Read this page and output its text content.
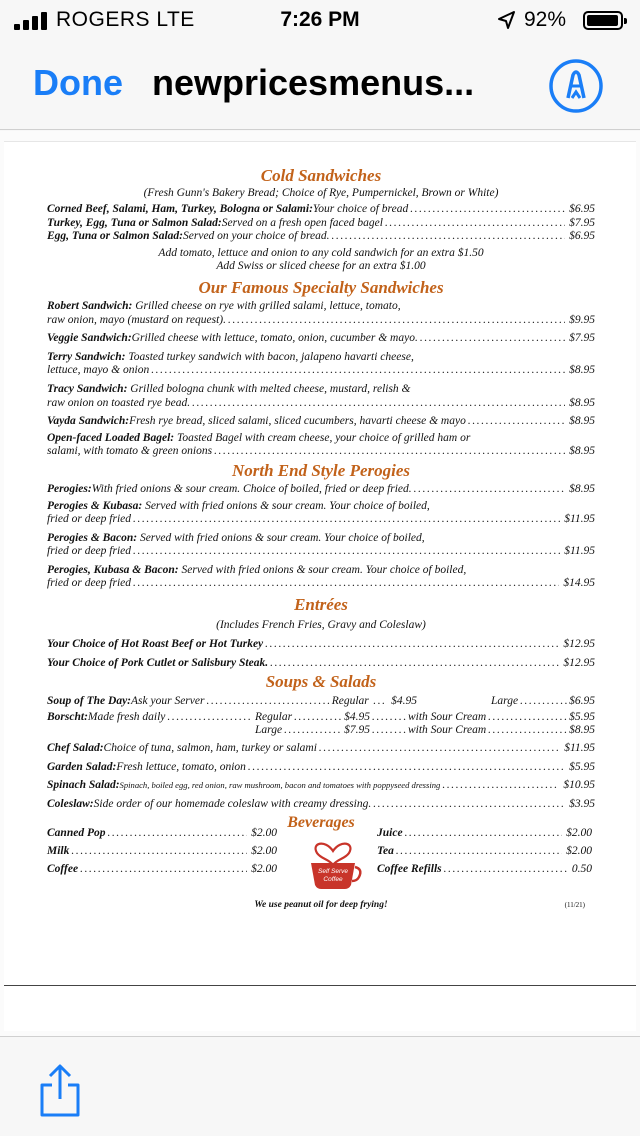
ROGERS LTE	7:26 PM	92%
Done newpricesmenus...
Cold Sandwiches
(Fresh Gunn's Bakery Bread; Choice of Rye, Pumpernickel, Brown or White)
Corned Beef, Salami, Ham, Turkey, Bologna or Salami: Your choice of bread .....	$6.95
Turkey, Egg, Tuna or Salmon Salad: Served on a fresh open faced bagel .....	$7.95
Egg, Tuna or Salmon Salad: Served on your choice of bread. .....	$6.95
Add tomato, lettuce and onion to any cold sandwich for an extra $1.50
Add Swiss or sliced cheese for an extra $1.00
Our Famous Specialty Sandwiches
Robert Sandwich: Grilled cheese on rye with grilled salami, lettuce, tomato,
raw onion, mayo (mustard on request). .....	$9.95
Veggie Sandwich: Grilled cheese with lettuce, tomato, onion, cucumber & mayo. .....	$7.95
Terry Sandwich: Toasted turkey sandwich with bacon, jalapeno havarti cheese,
lettuce, mayo & onion .....	$8.95
Tracy Sandwich: Grilled bologna chunk with melted cheese, mustard, relish &
raw onion on toasted rye bead. .....	$8.95
Vayda Sandwich: Fresh rye bread, sliced salami, sliced cucumbers, havarti cheese & mayo .....	$8.95
Open-faced Loaded Bagel: Toasted Bagel with cream cheese, your choice of grilled ham or
salami, with tomato & green onions .....	$8.95
North End Style Perogies
Perogies: With fried onions & sour cream. Choice of boiled, fried or deep fried. .....	$8.95
Perogies & Kubasa: Served with fried onions & sour cream. Your choice of boiled,
fried or deep fried .....	$11.95
Perogies & Bacon: Served with fried onions & sour cream. Your choice of boiled,
fried or deep fried .....	$11.95
Perogies, Kubasa & Bacon: Served with fried onions & sour cream. Your choice of boiled,
fried or deep fried .....	$14.95
Entrées
(Includes French Fries, Gravy and Coleslaw)
Your Choice of Hot Roast Beef or Hot Turkey .....	$12.95
Your Choice of Pork Cutlet or Salisbury Steak. .....	$12.95
Soups & Salads
Soup of The Day: Ask your Server .....	Regular ... $4.95	Large .....	$6.95
Borscht: Made fresh daily .....	Regular .....	$4.95 .....	with Sour Cream .....	$5.95
Large .....	$7.95 .....	with Sour Cream .....	$8.95
Chef Salad: Choice of tuna, salmon, ham, turkey or salami .....	$11.95
Garden Salad: Fresh lettuce, tomato, onion .....	$5.95
Spinach Salad: Spinach, boiled egg, red onion, raw mushroom, bacon and tomatoes with poppyseed dressing .....	$10.95
Coleslaw: Side order of our homemade coleslaw with creamy dressing. .....	$3.95
Beverages
Canned Pop .....	$2.00
Milk .....	$2.00
Coffee .....	$2.00	Self Serve
Coffee
Juice .....	$2.00
Tea .....	$2.00
Coffee Refills .....	0.50
We use peanut oil for deep frying!	(11/21)
